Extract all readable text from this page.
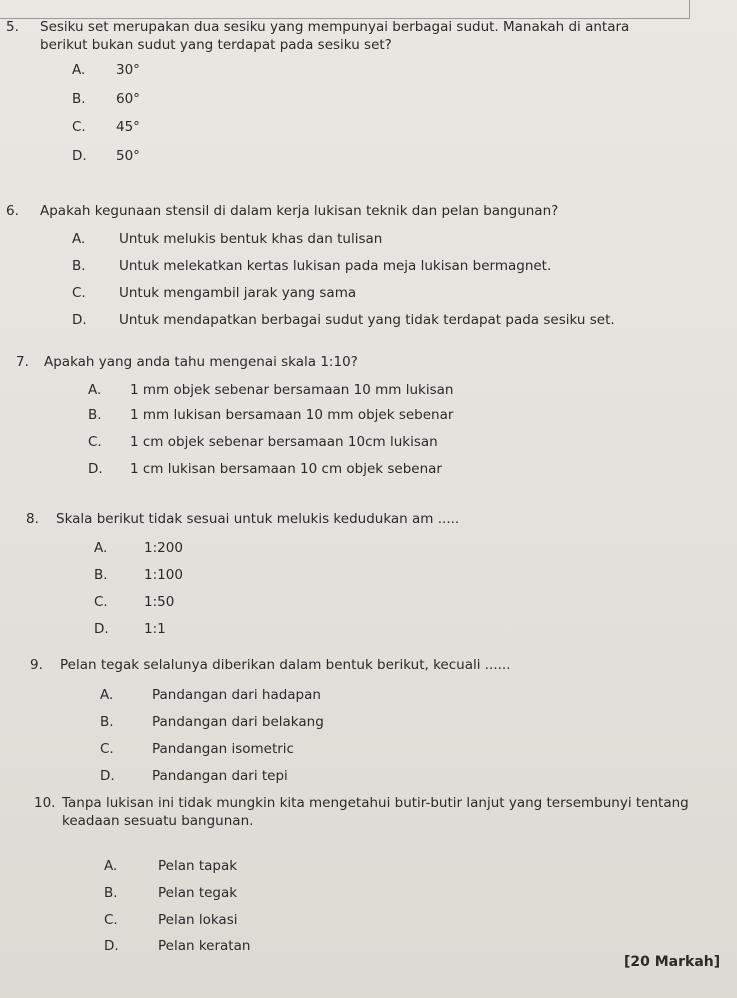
5. Sesiku set merupakan dua sesiku yang mempunyai berbagai sudut. Manakah di antara
berikut bukan sudut yang terdapat pada sesiku set?
A. 30°
B. 60°
C. 45°
D. 50°
6. Apakah kegunaan stensil di dalam kerja lukisan teknik dan pelan bangunan?
A. Untuk melukis bentuk khas dan tulisan
B. Untuk melekatkan kertas lukisan pada meja lukisan bermagnet.
C. Untuk mengambil jarak yang sama
D. Untuk mendapatkan berbagai sudut yang tidak terdapat pada sesiku set.
7. Apakah yang anda tahu mengenai skala 1:10?
A. 1 mm objek sebenar bersamaan 10 mm lukisan
B. 1 mm lukisan bersamaan 10 mm objek sebenar
C. 1 cm objek sebenar bersamaan 10cm lukisan
D. 1 cm lukisan bersamaan 10 cm objek sebenar
8. Skala berikut tidak sesuai untuk melukis kedudukan am .....
A.	1:200
B.	1:100
C.	1:50
D.	1:1
9. Pelan tegak selalunya diberikan dalam bentuk berikut, kecuali ......
A.	Pandangan dari hadapan
B.	Pandangan dari belakang
C.	Pandangan isometric
D.	Pandangan dari tepi
10. Tanpa lukisan ini tidak mungkin kita mengetahui butir-butir lanjut yang tersembunyi tentang
keadaan sesuatu bangunan.
A.	Pelan tapak
B.	Pelan tegak
C.	Pelan lokasi
D.	Pelan keratan
[20 Markah]
